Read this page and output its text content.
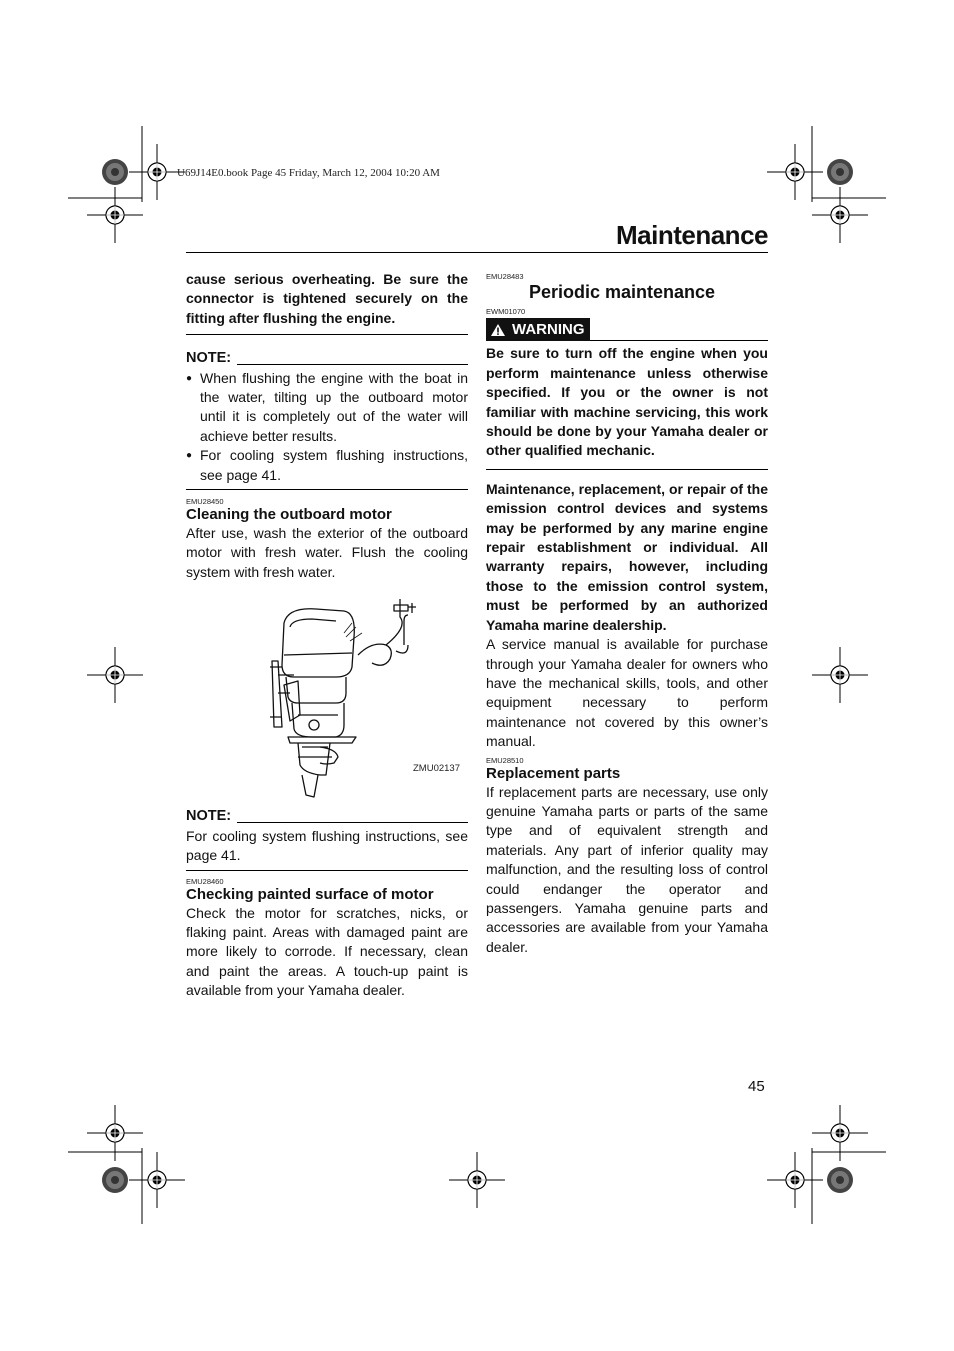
U69J14E0.book Page 45 Friday, March 12, 2004 10:20 AM
Maintenance
cause serious overheating. Be sure the connector is tightened securely on the fitting after flushing the engine.
NOTE:
● When flushing the engine with the boat in the water, tilting up the outboard motor until it is completely out of the water will achieve better results.
● For cooling system flushing instructions, see page 41.
EMU28450
Cleaning the outboard motor
After use, wash the exterior of the outboard motor with fresh water. Flush the cooling system with fresh water.
ZMU02137
NOTE:
For cooling system flushing instructions, see page 41.
EMU28460
Checking painted surface of motor
Check the motor for scratches, nicks, or flaking paint. Areas with damaged paint are more likely to corrode. If necessary, clean and paint the areas. A touch-up paint is available from your Yamaha dealer.
EMU28483
Periodic maintenance
EWM01070
WARNING
Be sure to turn off the engine when you perform maintenance unless otherwise specified. If you or the owner is not familiar with machine servicing, this work should be done by your Yamaha dealer or other qualified mechanic.
Maintenance, replacement, or repair of the emission control devices and systems may be performed by any marine engine repair establishment or individual. All warranty repairs, however, including those to the emission control system, must be performed by an authorized Yamaha marine dealership.
A service manual is available for purchase through your Yamaha dealer for owners who have the mechanical skills, tools, and other equipment necessary to perform maintenance not covered by this owner’s manual.
EMU28510
Replacement parts
If replacement parts are necessary, use only genuine Yamaha parts or parts of the same type and of equivalent strength and materials. Any part of inferior quality may malfunction, and the resulting loss of control could endanger the operator and passengers. Yamaha genuine parts and accessories are available from your Yamaha dealer.
45
